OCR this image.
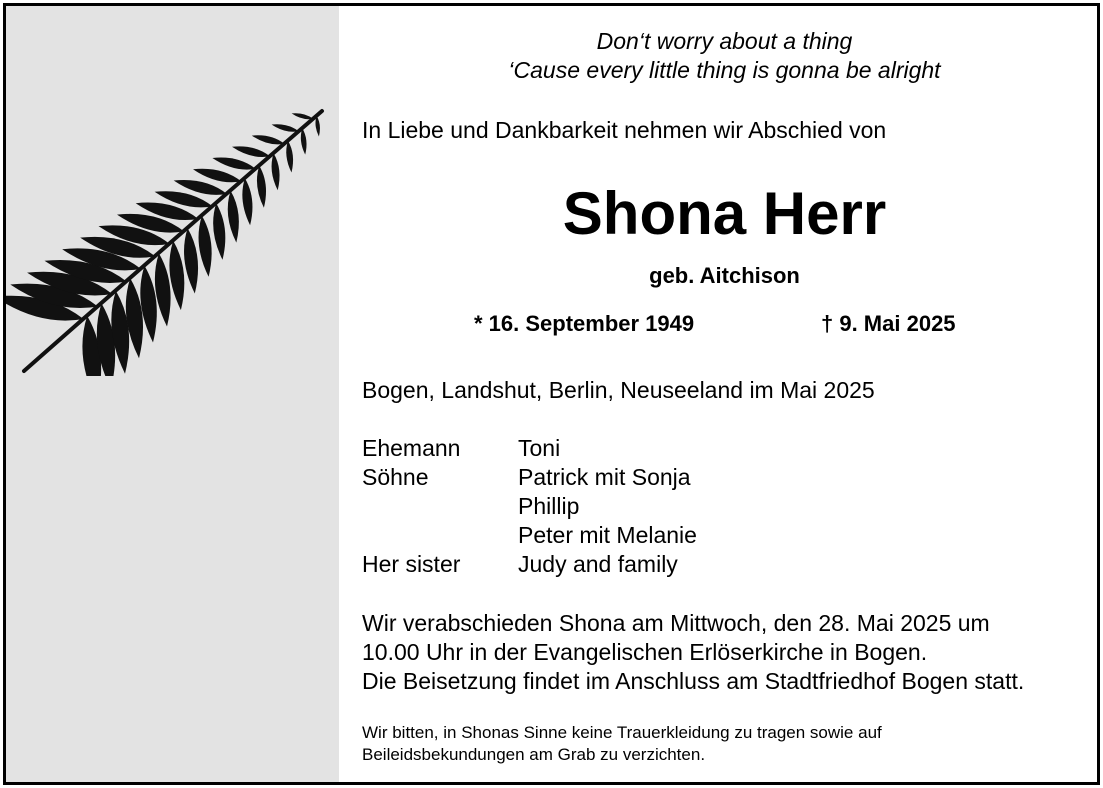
Don‘t worry about a thing

‘Cause every little thing is gonna be alright

In Liebe und Dankbarkeit nehmen wir Abschied von

Shona Herr

geb. Aitchison

* 16. September 1949	† 9. Mai 2025

Bogen, Landshut, Berlin, Neuseeland im Mai 2025

Ehemann	Toni
Söhne	Patrick mit Sonja
Phillip
Peter mit Melanie
Her sister	Judy and family

Wir verabschieden Shona am Mittwoch, den 28. Mai 2025 um

10.00 Uhr in der Evangelischen Erlöserkirche in Bogen.

Die Beisetzung findet im Anschluss am Stadtfriedhof Bogen statt.

Wir bitten, in Shonas Sinne keine Trauerkleidung zu tragen sowie auf

Beileidsbekundungen am Grab zu verzichten.
